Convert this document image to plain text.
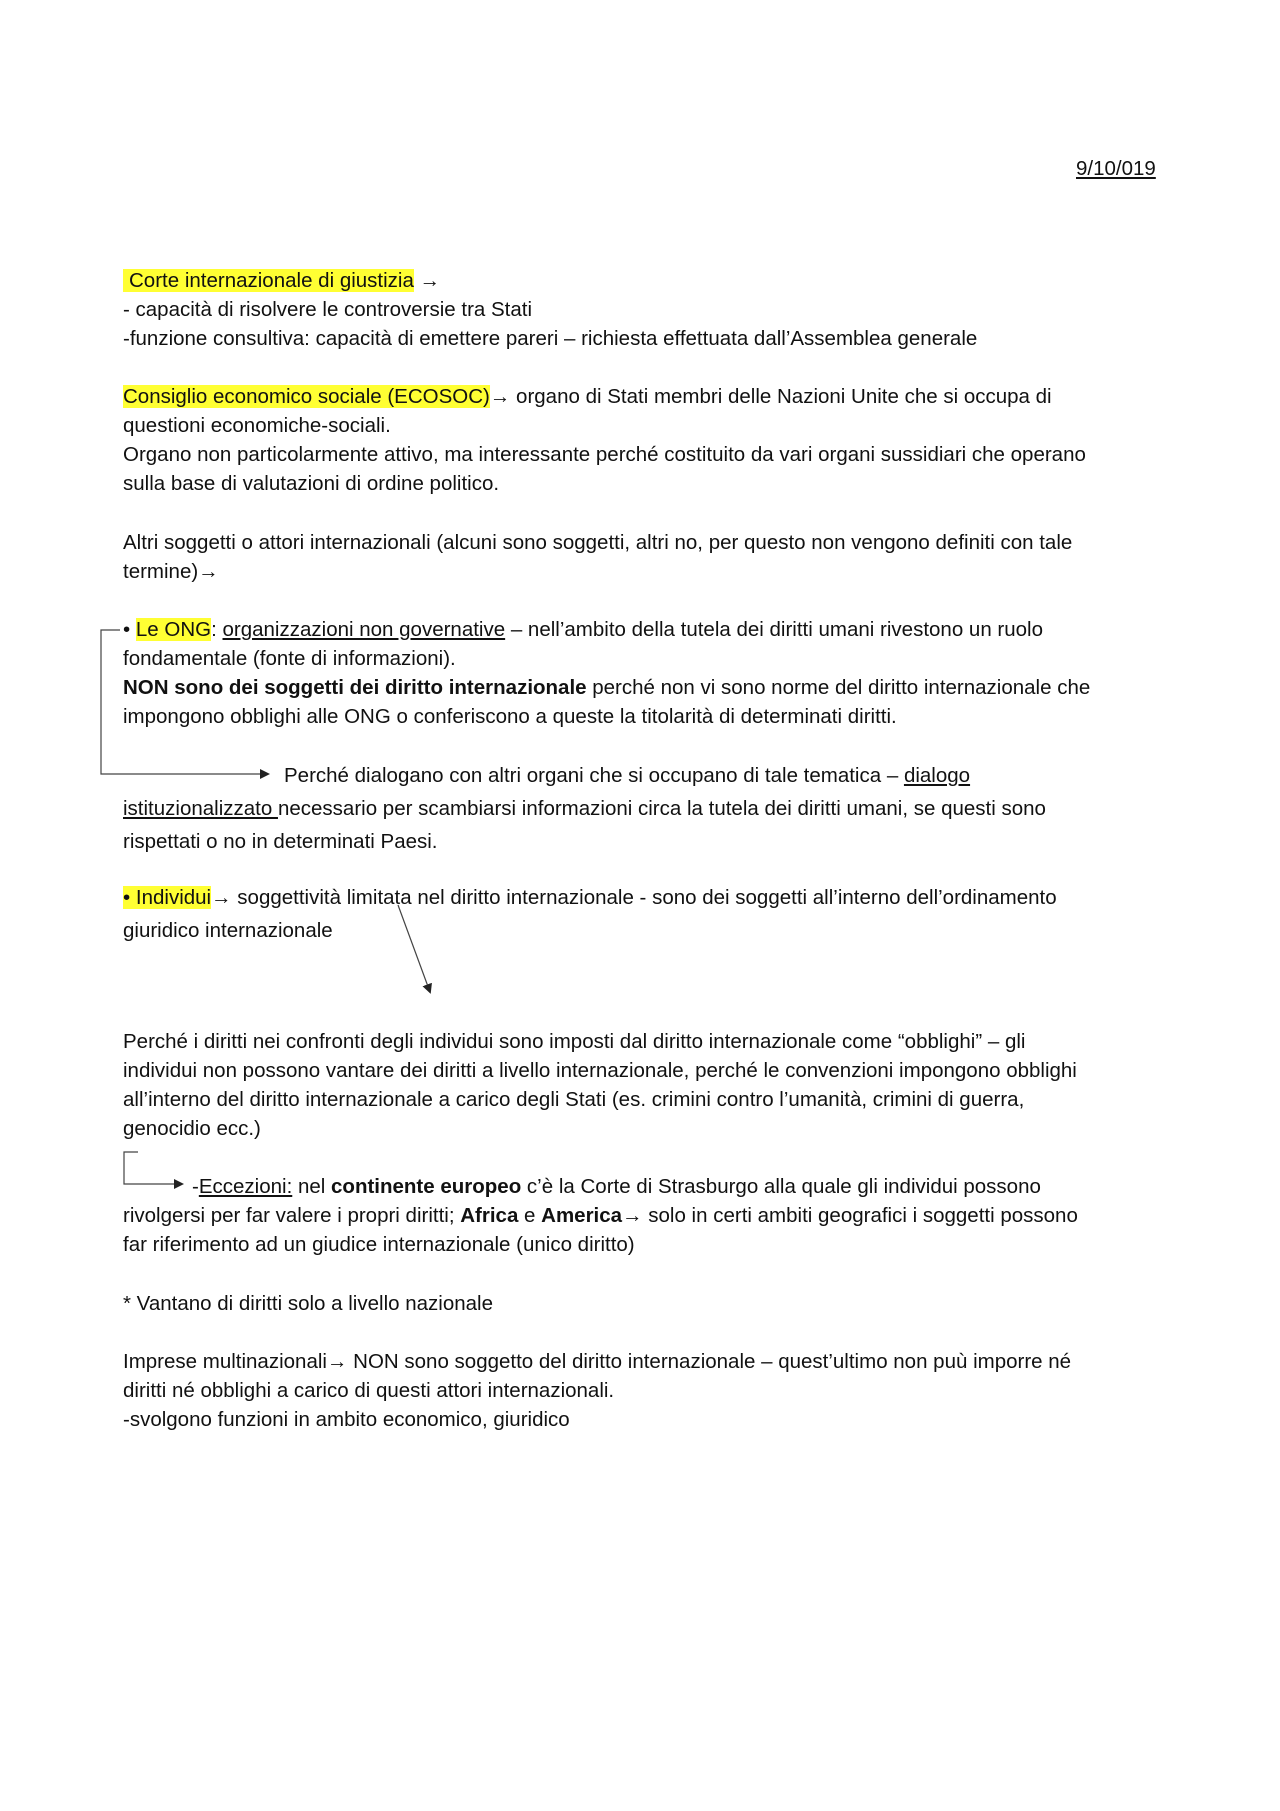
9/10/019
Corte internazionale di giustizia →
- capacità di risolvere le controversie tra Stati
-funzione consultiva: capacità di emettere pareri – richiesta effettuata dall’Assemblea generale
Consiglio economico sociale (ECOSOC)→ organo di Stati membri delle Nazioni Unite che si occupa di
questioni economiche-sociali.
Organo non particolarmente attivo, ma interessante perché costituito da vari organi sussidiari che operano
sulla base di valutazioni di ordine politico.
Altri soggetti o attori internazionali (alcuni sono soggetti, altri no, per questo non vengono definiti con tale
termine)→
• Le ONG: organizzazioni non governative – nell’ambito della tutela dei diritti umani rivestono un ruolo
fondamentale (fonte di informazioni).
NON sono dei soggetti dei diritto internazionale perché non vi sono norme del diritto internazionale che
impongono obblighi alle ONG o conferiscono a queste la titolarità di determinati diritti.
Perché dialogano con altri organi che si occupano di tale tematica – dialogo
istituzionalizzato necessario per scambiarsi informazioni circa la tutela dei diritti umani, se questi sono
rispettati o no in determinati Paesi.
• Individui→ soggettività limitata nel diritto internazionale - sono dei soggetti all’interno dell’ordinamento
giuridico internazionale
Perché i diritti nei confronti degli individui sono imposti dal diritto internazionale come “obblighi” – gli
individui non possono vantare dei diritti a livello internazionale, perché le convenzioni impongono obblighi
all’interno del diritto internazionale a carico degli Stati (es. crimini contro l’umanità, crimini di guerra,
genocidio ecc.)
-Eccezioni: nel continente europeo c’è la Corte di Strasburgo alla quale gli individui possono
rivolgersi per far valere i propri diritti; Africa e America→ solo in certi ambiti geografici i soggetti possono
far riferimento ad un giudice internazionale (unico diritto)
* Vantano di diritti solo a livello nazionale
Imprese multinazionali→ NON sono soggetto del diritto internazionale – quest’ultimo non puù imporre né
diritti né obblighi a carico di questi attori internazionali.
-svolgono funzioni in ambito economico, giuridico
